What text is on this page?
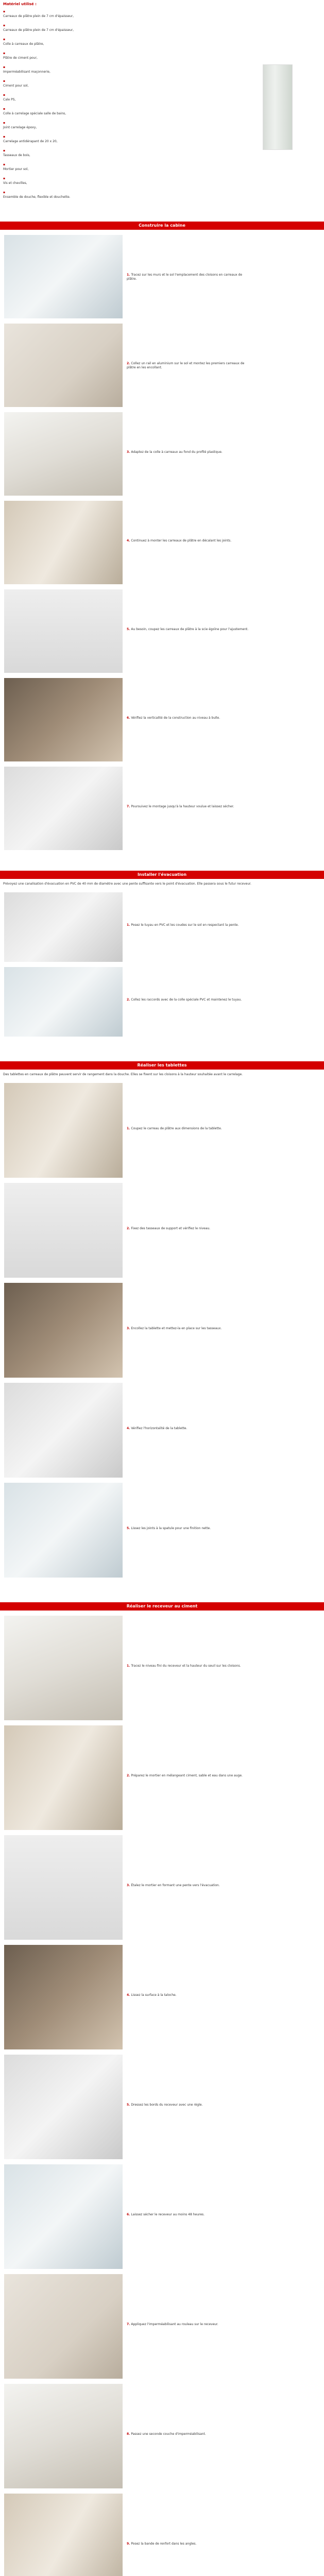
Matériel utilisé :
▪
Carreaux de plâtre plein de 7 cm d'épaisseur,
▪
Carreaux de plâtre plein de 7 cm d'épaisseur,
▪
Colle à carreaux de plâtre,
▪
Plâtre de ciment pour,
▪
Imperméabilisant maçonnerie,
▪
Ciment pour sol,
▪
Cale PS,
▪
Colle à carrelage spéciale salle de bains,
▪
Joint carrelage époxy,
▪
Carrelage antidérapant de 20 x 20,
▪
Tasseaux de bois,
▪
Mortier pour sol,
▪
Vis et chevilles,
▪
Ensemble de douche, flexible et douchette.
Construire la cabine
1. Tracez sur les murs et le sol l'emplacement des cloisons en carreaux de plâtre.
2. Collez un rail en aluminium sur le sol et montez les premiers carreaux de plâtre en les encollant.
3. Adaptez de la colle à carreaux au fond du profilé plastique.
4. Continuez à monter les carreaux de plâtre en décalant les joints.
5. Au besoin, coupez les carreaux de plâtre à la scie égoïne pour l'ajustement.
6. Vérifiez la verticalité de la construction au niveau à bulle.
7. Poursuivez le montage jusqu'à la hauteur voulue et laissez sécher.
Installer l'évacuation
Prévoyez une canalisation d'évacuation en PVC de 40 mm de diamètre avec une pente suffisante vers le point d'évacuation. Elle passera sous le futur receveur.
1. Posez le tuyau en PVC et les coudes sur le sol en respectant la pente.
2. Collez les raccords avec de la colle spéciale PVC et maintenez le tuyau.
Réaliser les tablettes
Des tablettes en carreaux de plâtre peuvent servir de rangement dans la douche. Elles se fixent sur les cloisons à la hauteur souhaitée avant le carrelage.
1. Coupez le carreau de plâtre aux dimensions de la tablette.
2. Fixez des tasseaux de support et vérifiez le niveau.
3. Encollez la tablette et mettez-la en place sur les tasseaux.
4. Vérifiez l'horizontalité de la tablette.
5. Lissez les joints à la spatule pour une finition nette.
Réaliser le receveur au ciment
1. Tracez le niveau fini du receveur et la hauteur du seuil sur les cloisons.
2. Préparez le mortier en mélangeant ciment, sable et eau dans une auge.
3. Étalez le mortier en formant une pente vers l'évacuation.
4. Lissez la surface à la taloche.
5. Dressez les bords du receveur avec une règle.
6. Laissez sécher le receveur au moins 48 heures.
7. Appliquez l'imperméabilisant au rouleau sur le receveur.
8. Passez une seconde couche d'imperméabilisant.
9. Posez la bande de renfort dans les angles.
